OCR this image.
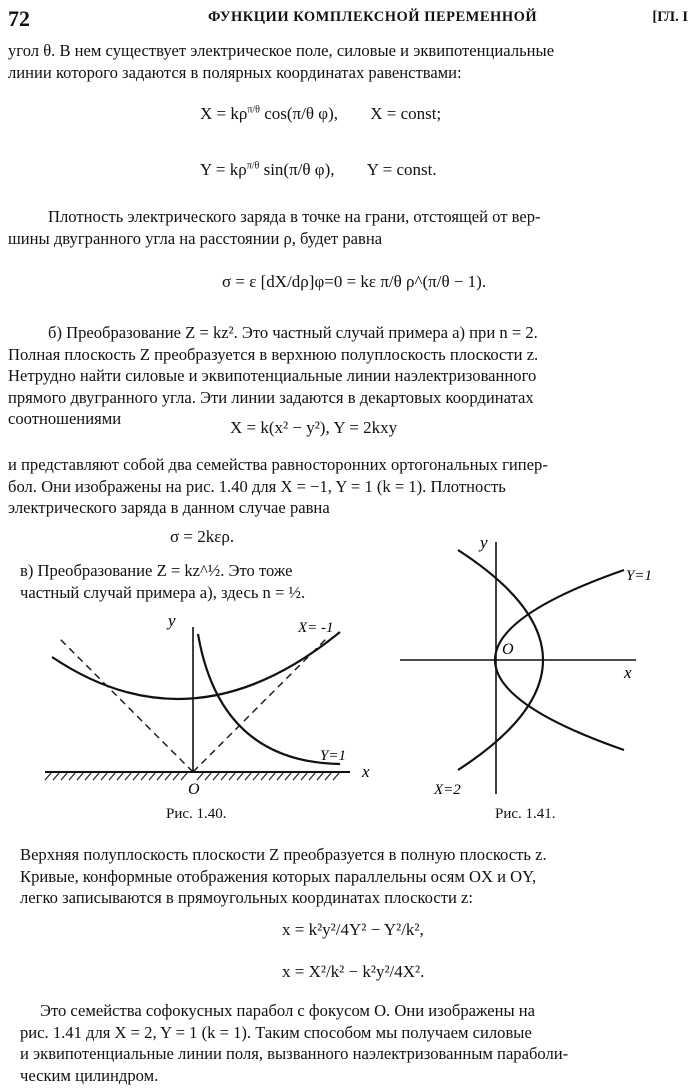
72	ФУНКЦИИ КОМПЛЕКСНОЙ ПЕРЕМЕННОЙ	[ГЛ. I
угол θ. В нем существует электрическое поле, силовые и эквипотенциальные
линии которого задаются в полярных координатах равенствами:
$X = k\rho^{\pi/\theta}$ cos(π/θ φ), X = const;
$Y = k\rho^{\pi/\theta}$ sin(π/θ φ), Y = const.
Плотность электрического заряда в точке на грани, отстоящей от вер-
шины двугранного угла на расстоянии ρ, будет равна
σ = ε [dX/dρ]φ=0 = kε π/θ ρ^(π/θ − 1).
б) Преобразование Z = kz². Это частный случай примера а) при n = 2.
Полная плоскость Z преобразуется в верхнюю полуплоскость плоскости z.
Нетрудно найти силовые и эквипотенциальные линии наэлектризованного
прямого двугранного угла. Эти линии задаются в декартовых координатах
соотношениями	X = k(x² − y²), Y = 2kxy
и представляют собой два семейства равносторонних ортогональных гипер-
бол. Они изображены на рис. 1.40 для X = −1, Y = 1 (k = 1). Плотность
электрического заряда в данном случае равна
σ = 2kερ.
в) Преобразование Z = kz^½. Это тоже
частный случай примера а), здесь n = ½.
y
x
O
X= -1
Y=1
Рис. 1.40.
y
x
O
Y=1
X=2
Рис. 1.41.
Верхняя полуплоскость плоскости Z преобразуется в полную плоскость z.
Кривые, конформные отображения которых параллельны осям OX и OY,
легко записываются в прямоугольных координатах плоскости z:
x = k²y²/4Y² − Y²/k²,
x = X²/k² − k²y²/4X².
Это семейства софокусных парабол с фокусом O. Они изображены на
рис. 1.41 для X = 2, Y = 1 (k = 1). Таким способом мы получаем силовые
и эквипотенциальные линии поля, вызванного наэлектризованным параболи-
ческим цилиндром.
